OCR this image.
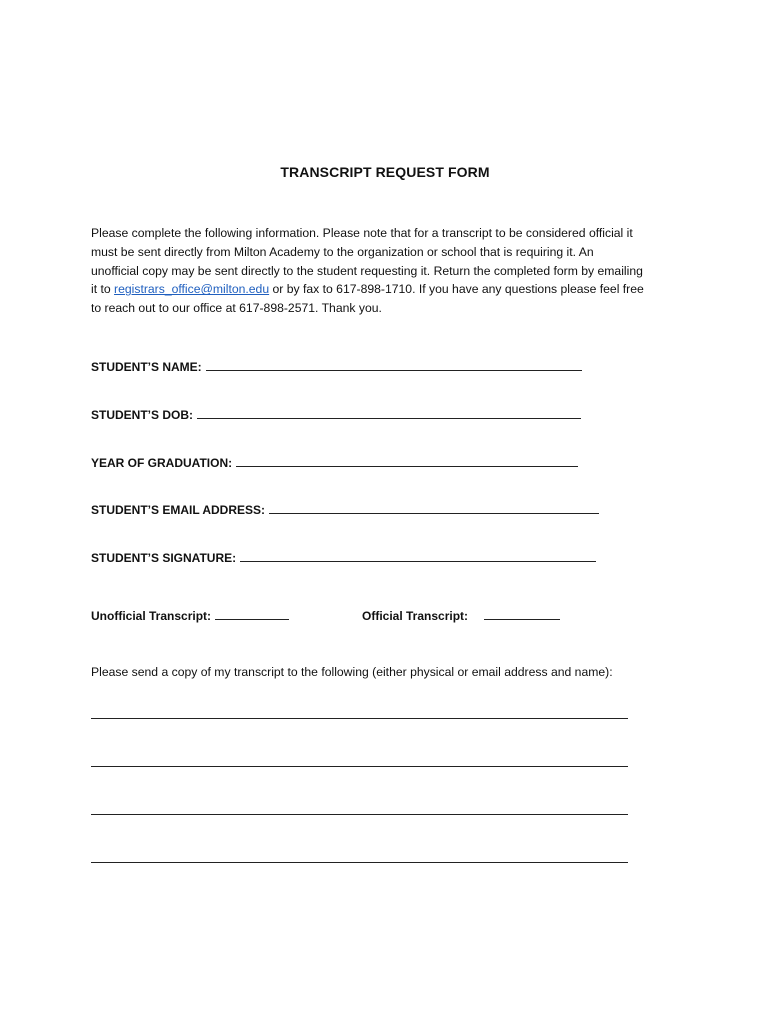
TRANSCRIPT REQUEST FORM
Please complete the following information. Please note that for a transcript to be considered official it
must be sent directly from Milton Academy to the organization or school that is requiring it. An
unofficial copy may be sent directly to the student requesting it. Return the completed form by emailing
it to registrars_office@milton.edu or by fax to 617-898-1710. If you have any questions please feel free
to reach out to our office at 617-898-2571. Thank you.
STUDENT’S NAME:
STUDENT’S DOB:
YEAR OF GRADUATION:
STUDENT’S EMAIL ADDRESS:
STUDENT’S SIGNATURE:
Unofficial Transcript:	Official Transcript:
Please send a copy of my transcript to the following (either physical or email address and name):
